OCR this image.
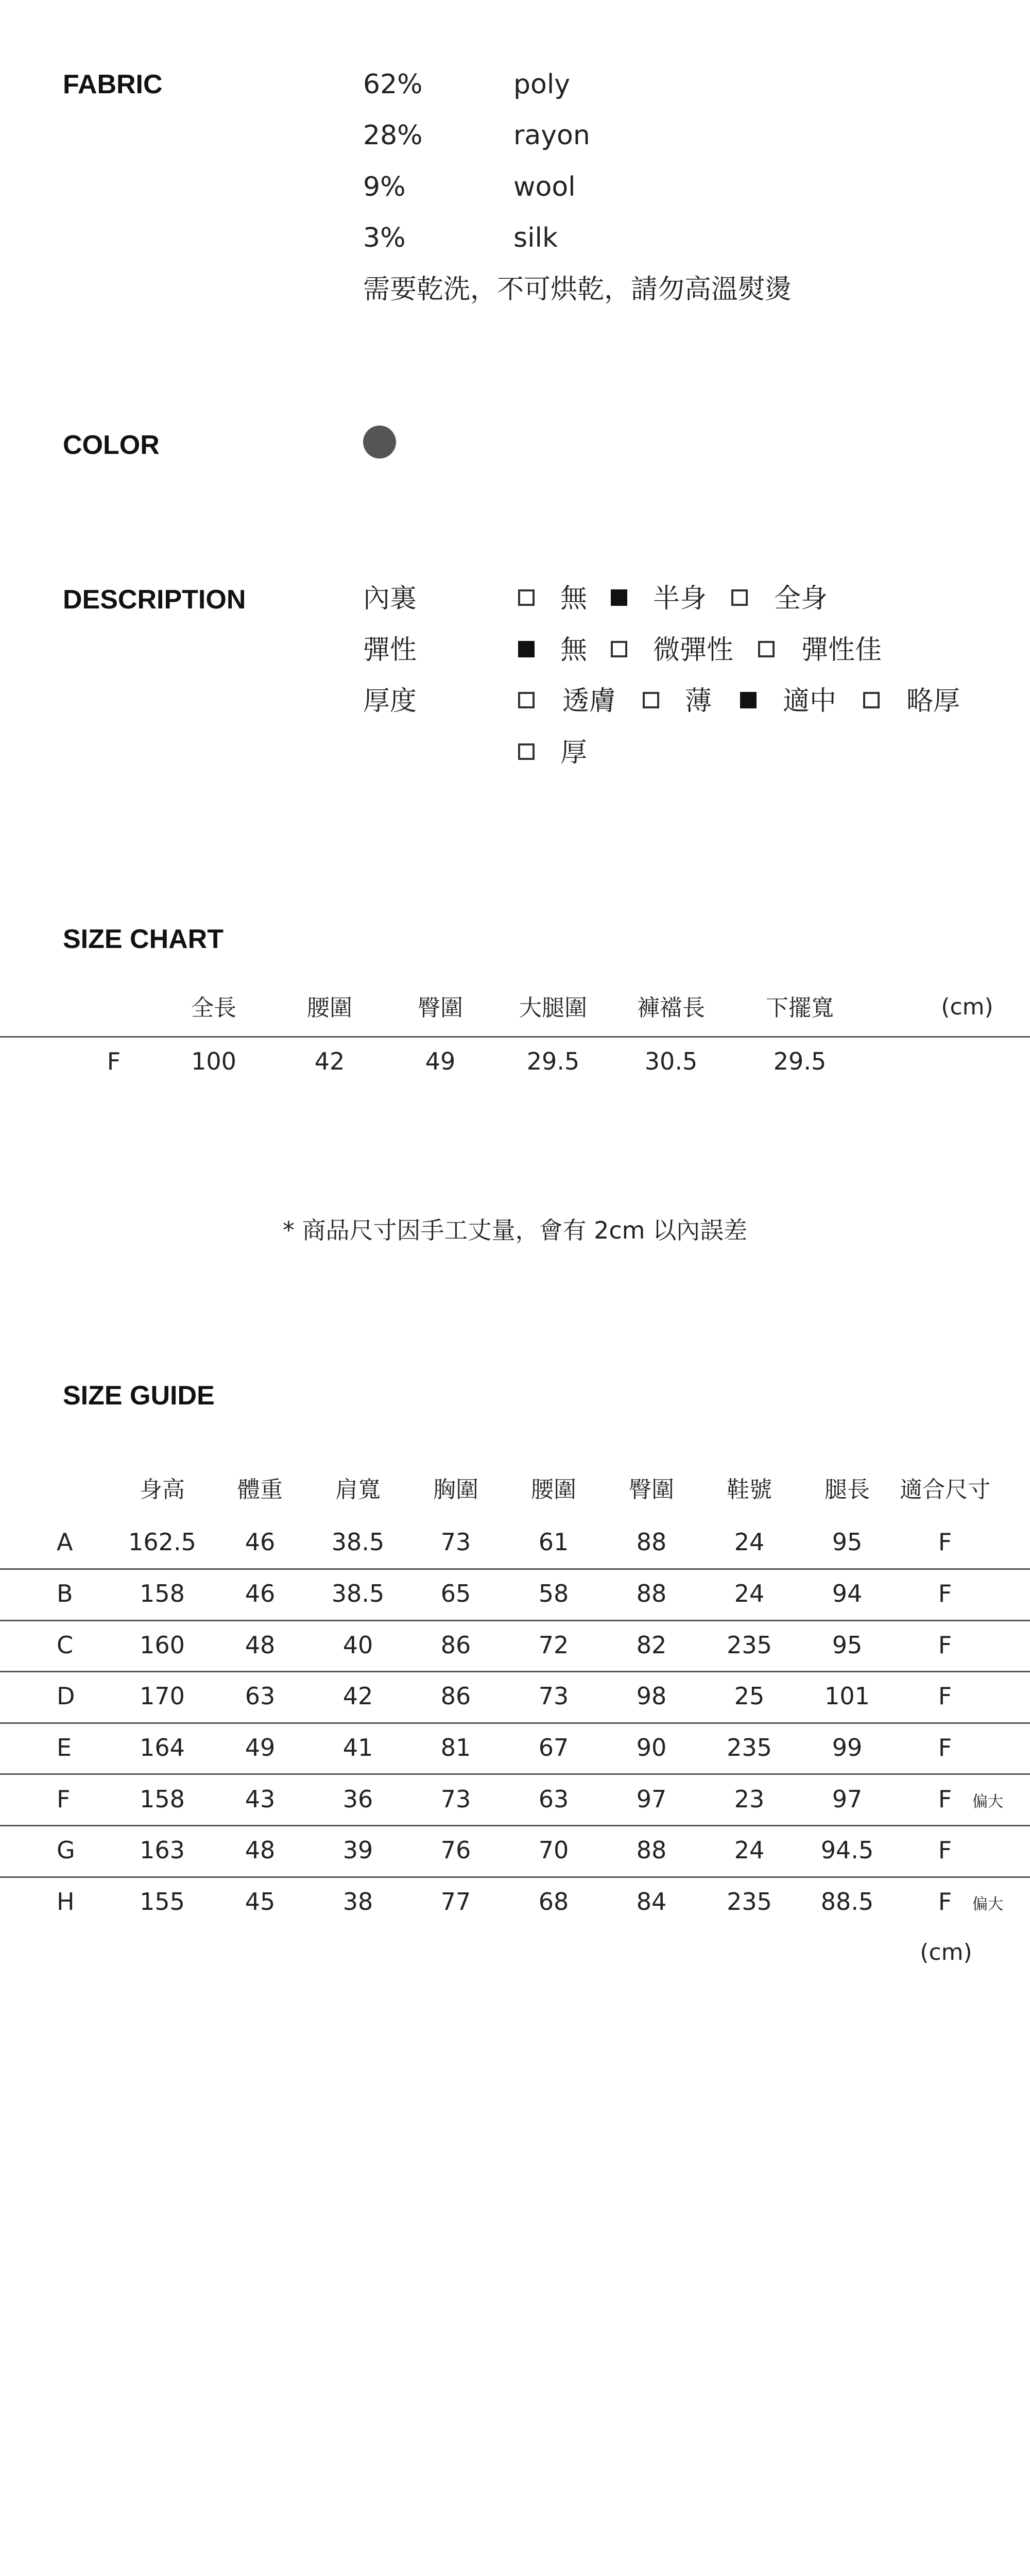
FABRIC	62%	poly
28%	rayon
9%	wool
3%	silk
需要乾洗，不可烘乾，請勿高溫熨燙
COLOR
DESCRIPTION	內裏	無 半身	全身
彈性	無 微彈性	彈性佳
厚度	透膚	薄	適中	略厚
厚
SIZE CHART
全長	腰圍	臀圍 大腿圍 褲襠長	下擺寬	(cm)
F	100	42	49	29.5	30.5	29.5
* 商品尺寸因手工丈量，會有 2cm 以內誤差
SIZE GUIDE
身高 體重 肩寬 胸圍 腰圍 臀圍 鞋號 腿長 適合尺寸
A 162.5 46 38.5 73	61	88	24	95	F
B	158	46 38.5 65	58	88	24	94	F
C	160	48	40	86	72	82	235	95	F
D	170	63	42	86	73	98	25	101	F
E	164	49	41	81	67	90	235	99	F
F	158	43	36	73	63	97	23	97	F 偏大
G	163	48	39	76	70	88	24 94.5	F
H	155	45	38	77	68	84	235 88.5	F 偏大
(cm)
